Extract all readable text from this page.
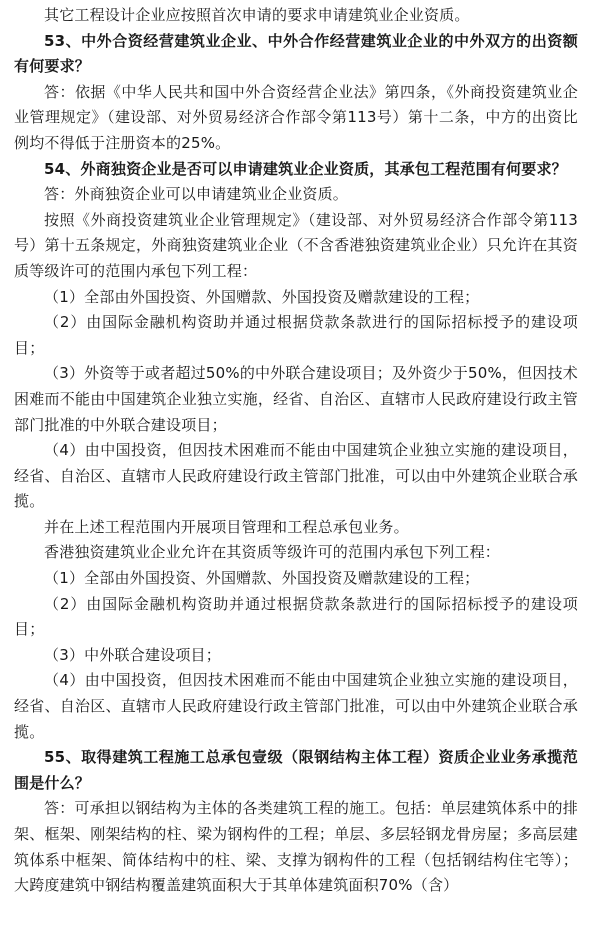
其它工程设计企业应按照首次申请的要求申请建筑业企业资质。

53、中外合资经营建筑业企业、中外合作经营建筑业企业的中外双方的出资额有何要求？

答：依据《中华人民共和国中外合资经营企业法》第四条，《外商投资建筑业企业管理规定》（建设部、对外贸易经济合作部令第113号）第十二条，中方的出资比例均不得低于注册资本的25%。

54、外商独资企业是否可以申请建筑业企业资质，其承包工程范围有何要求？

答：外商独资企业可以申请建筑业企业资质。

按照《外商投资建筑业企业管理规定》（建设部、对外贸易经济合作部令第113号）第十五条规定，外商独资建筑业企业（不含香港独资建筑业企业）只允许在其资质等级许可的范围内承包下列工程：

（1）全部由外国投资、外国赠款、外国投资及赠款建设的工程；

（2）由国际金融机构资助并通过根据贷款条款进行的国际招标授予的建设项目；

（3）外资等于或者超过50%的中外联合建设项目；及外资少于50%，但因技术困难而不能由中国建筑企业独立实施，经省、自治区、直辖市人民政府建设行政主管部门批准的中外联合建设项目；

（4）由中国投资，但因技术困难而不能由中国建筑企业独立实施的建设项目，经省、自治区、直辖市人民政府建设行政主管部门批准，可以由中外建筑企业联合承揽。

并在上述工程范围内开展项目管理和工程总承包业务。

香港独资建筑业企业允许在其资质等级许可的范围内承包下列工程：

（1）全部由外国投资、外国赠款、外国投资及赠款建设的工程；

（2）由国际金融机构资助并通过根据贷款条款进行的国际招标授予的建设项目；

（3）中外联合建设项目；

（4）由中国投资，但因技术困难而不能由中国建筑企业独立实施的建设项目，经省、自治区、直辖市人民政府建设行政主管部门批准，可以由中外建筑企业联合承揽。

55、取得建筑工程施工总承包壹级（限钢结构主体工程）资质企业业务承揽范围是什么？

答：可承担以钢结构为主体的各类建筑工程的施工。包括：单层建筑体系中的排架、框架、刚架结构的柱、梁为钢构件的工程；单层、多层轻钢龙骨房屋；多高层建筑体系中框架、简体结构中的柱、梁、支撑为钢构件的工程（包括钢结构住宅等）；大跨度建筑中钢结构覆盖建筑面积大于其单体建筑面积70%（含）
